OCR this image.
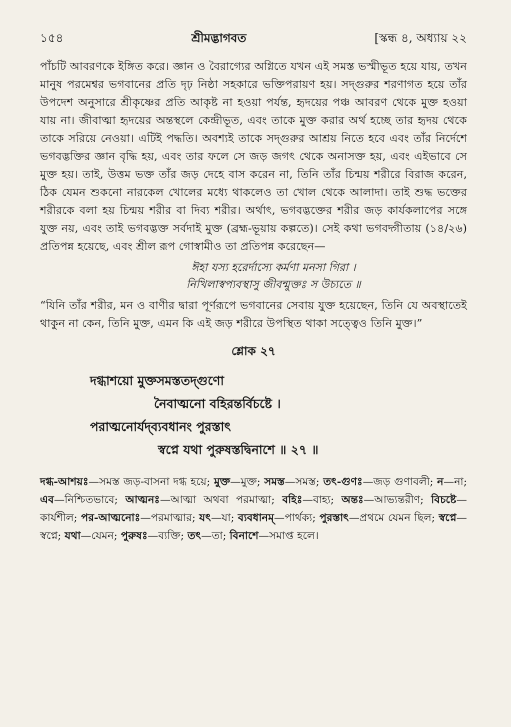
১৫৪	শ্রীমদ্ভাগবত	[স্কন্ধ ৪, অধ্যায় ২২
পাঁচটি আবরণকে ইঙ্গিত করে। জ্ঞান ও বৈরাগ্যের অগ্নিতে যখন এই সমস্ত ভস্মীভূত হয়ে যায়, তখন মানুষ পরমেশ্বর ভগবানের প্রতি দৃঢ় নিষ্ঠা সহকারে ভক্তিপরায়ণ হয়। সদ্গুরুর শরণাগত হয়ে তাঁর উপদেশ অনুসারে শ্রীকৃষ্ণের প্রতি আকৃষ্ট না হওয়া পর্যন্ত, হৃদয়ের পঞ্চ আবরণ থেকে মুক্ত হওয়া যায় না। জীবাত্মা হৃদয়ের অন্তস্থলে কেন্দ্রীভূত, এবং তাকে মুক্ত করার অর্থ হচ্ছে তার হৃদয় থেকে তাকে সরিয়ে নেওয়া। এটিই পদ্ধতি। অবশ্যই তাকে সদ্গুরুর আশ্রয় নিতে হবে এবং তাঁর নির্দেশে ভগবদ্ভক্তির জ্ঞান বৃদ্ধি হয়, এবং তার ফলে সে জড় জগৎ থেকে অনাসক্ত হয়, এবং এইভাবে সে মুক্ত হয়। তাই, উত্তম ভক্ত তাঁর জড় দেহে বাস করেন না, তিনি তাঁর চিন্ময় শরীরে বিরাজ করেন, ঠিক যেমন শুকনো নারকেল খোলের মধ্যে থাকলেও তা খোল থেকে আলাদা। তাই শুদ্ধ ভক্তের শরীরকে বলা হয় চিন্ময় শরীর বা দিব্য শরীর। অর্থাৎ, ভগবদ্ভক্তের শরীর জড় কার্যকলাপের সঙ্গে যুক্ত নয়, এবং তাই ভগবদ্ভক্ত সর্বদাই মুক্ত (ব্রহ্ম-ভূয়ায় কল্পতে)। সেই কথা ভগবদ্গীতায় (১৪/২৬) প্রতিপন্ন হয়েছে, এবং শ্রীল রূপ গোস্বামীও তা প্রতিপন্ন করেছেন—
ঈহা যস্য হরের্দাস্যে কর্মণা মনসা গিরা ।
নিখিলাস্বপ্যবস্থাসু জীবন্মুক্তঃ স উচ্যতে ॥
“যিনি তাঁর শরীর, মন ও বাণীর দ্বারা পূর্ণরূপে ভগবানের সেবায় যুক্ত হয়েছেন, তিনি যে অবস্থাতেই থাকুন না কেন, তিনি মুক্ত, এমন কি এই জড় শরীরে উপস্থিত থাকা সত্ত্বেও তিনি মুক্ত।”
শ্লোক ২৭
দগ্ধাশয়ো মুক্তসমস্ততদ্গুণো
নৈবাত্মনো বহিরন্তর্বিচষ্টে ।
পরাত্মনোর্যদ্‌ব্যবধানং পুরস্তাৎ
স্বপ্নে যথা পুরুষস্তদ্বিনাশে ॥ ২৭ ॥
দগ্ধ-আশয়ঃ—সমস্ত জড়-বাসনা দগ্ধ হয়ে; মুক্ত—মুক্ত; সমস্ত—সমস্ত; তৎ-গুণঃ—জড় গুণাবলী; ন—না; এব—নিশ্চিতভাবে; আত্মনঃ—আত্মা অথবা পরমাত্মা; বহিঃ—বাহ্য; অন্তঃ—আভ্যন্তরীণ; বিচষ্টে—কার্যশীল; পর-আত্মনোঃ—পরমাত্মার; যৎ—যা; ব্যবধানম্—পার্থক্য; পুরস্তাৎ—প্রথমে যেমন ছিল; স্বপ্নে—স্বপ্নে; যথা—যেমন; পুরুষঃ—ব্যক্তি; তৎ—তা; বিনাশে—সমাপ্ত হলে।
